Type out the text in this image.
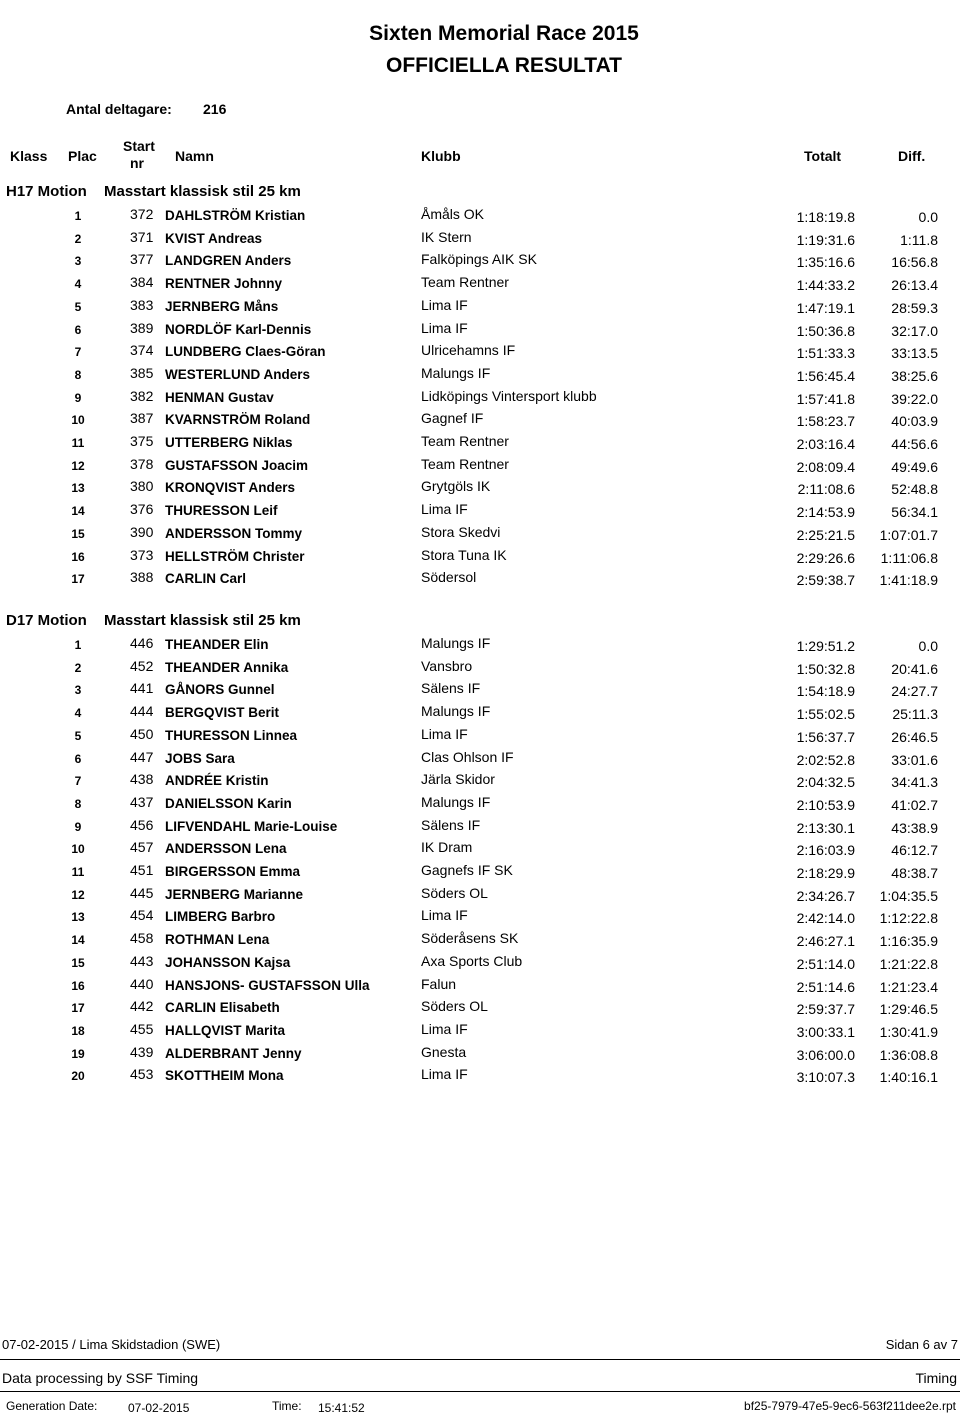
Sixten Memorial Race 2015
OFFICIELLA RESULTAT
Antal deltagare: 216
Klass Plac
Start
nr Namn	Klubb	Totalt	Diff.
H17 Motion Masstart klassisk stil 25 km
1	372 DAHLSTRÖM Kristian	Åmåls OK	1:18:19.8	0.0
2	371 KVIST Andreas	IK Stern	1:19:31.6	1:11.8
3	377 LANDGREN Anders	Falköpings AIK SK	1:35:16.6	16:56.8
4	384 RENTNER Johnny	Team Rentner	1:44:33.2	26:13.4
5	383 JERNBERG Måns	Lima IF	1:47:19.1	28:59.3
6	389 NORDLÖF Karl-Dennis	Lima IF	1:50:36.8	32:17.0
7	374 LUNDBERG Claes-Göran	Ulricehamns IF	1:51:33.3	33:13.5
8	385 WESTERLUND Anders	Malungs IF	1:56:45.4	38:25.6
9	382 HENMAN Gustav	Lidköpings Vintersport klubb	1:57:41.8	39:22.0
10	387 KVARNSTRÖM Roland	Gagnef IF	1:58:23.7	40:03.9
11	375 UTTERBERG Niklas	Team Rentner	2:03:16.4	44:56.6
12	378 GUSTAFSSON Joacim	Team Rentner	2:08:09.4	49:49.6
13	380 KRONQVIST Anders	Grytgöls IK	2:11:08.6	52:48.8
14	376 THURESSON Leif	Lima IF	2:14:53.9	56:34.1
15	390 ANDERSSON Tommy	Stora Skedvi	2:25:21.5	1:07:01.7
16	373 HELLSTRÖM Christer	Stora Tuna IK	2:29:26.6	1:11:06.8
17	388 CARLIN Carl	Södersol	2:59:38.7	1:41:18.9
D17 Motion Masstart klassisk stil 25 km
1	446 THEANDER Elin	Malungs IF	1:29:51.2	0.0
2	452 THEANDER Annika	Vansbro	1:50:32.8	20:41.6
3	441 GÅNORS Gunnel	Sälens IF	1:54:18.9	24:27.7
4	444 BERGQVIST Berit	Malungs IF	1:55:02.5	25:11.3
5	450 THURESSON Linnea	Lima IF	1:56:37.7	26:46.5
6	447 JOBS Sara	Clas Ohlson IF	2:02:52.8	33:01.6
7	438 ANDRÉE Kristin	Järla Skidor	2:04:32.5	34:41.3
8	437 DANIELSSON Karin	Malungs IF	2:10:53.9	41:02.7
9	456 LIFVENDAHL Marie-Louise	Sälens IF	2:13:30.1	43:38.9
10	457 ANDERSSON Lena	IK Dram	2:16:03.9	46:12.7
11	451 BIRGERSSON Emma	Gagnefs IF SK	2:18:29.9	48:38.7
12	445 JERNBERG Marianne	Söders OL	2:34:26.7	1:04:35.5
13	454 LIMBERG Barbro	Lima IF	2:42:14.0	1:12:22.8
14	458 ROTHMAN Lena	Söderåsens SK	2:46:27.1	1:16:35.9
15	443 JOHANSSON Kajsa	Axa Sports Club	2:51:14.0	1:21:22.8
16	440 HANSJONS- GUSTAFSSON Ulla	Falun	2:51:14.6	1:21:23.4
17	442 CARLIN Elisabeth	Söders OL	2:59:37.7	1:29:46.5
18	455 HALLQVIST Marita	Lima IF	3:00:33.1	1:30:41.9
19	439 ALDERBRANT Jenny	Gnesta	3:06:00.0	1:36:08.8
20	453 SKOTTHEIM Mona	Lima IF	3:10:07.3	1:40:16.1
07-02-2015 / Lima Skidstadion (SWE)	Sidan 6 av 7
Data processing by SSF Timing	Timing
Generation Date:	07-02-2015	Time: 15:41:52	bf25-7979-47e5-9ec6-563f211dee2e.rpt
